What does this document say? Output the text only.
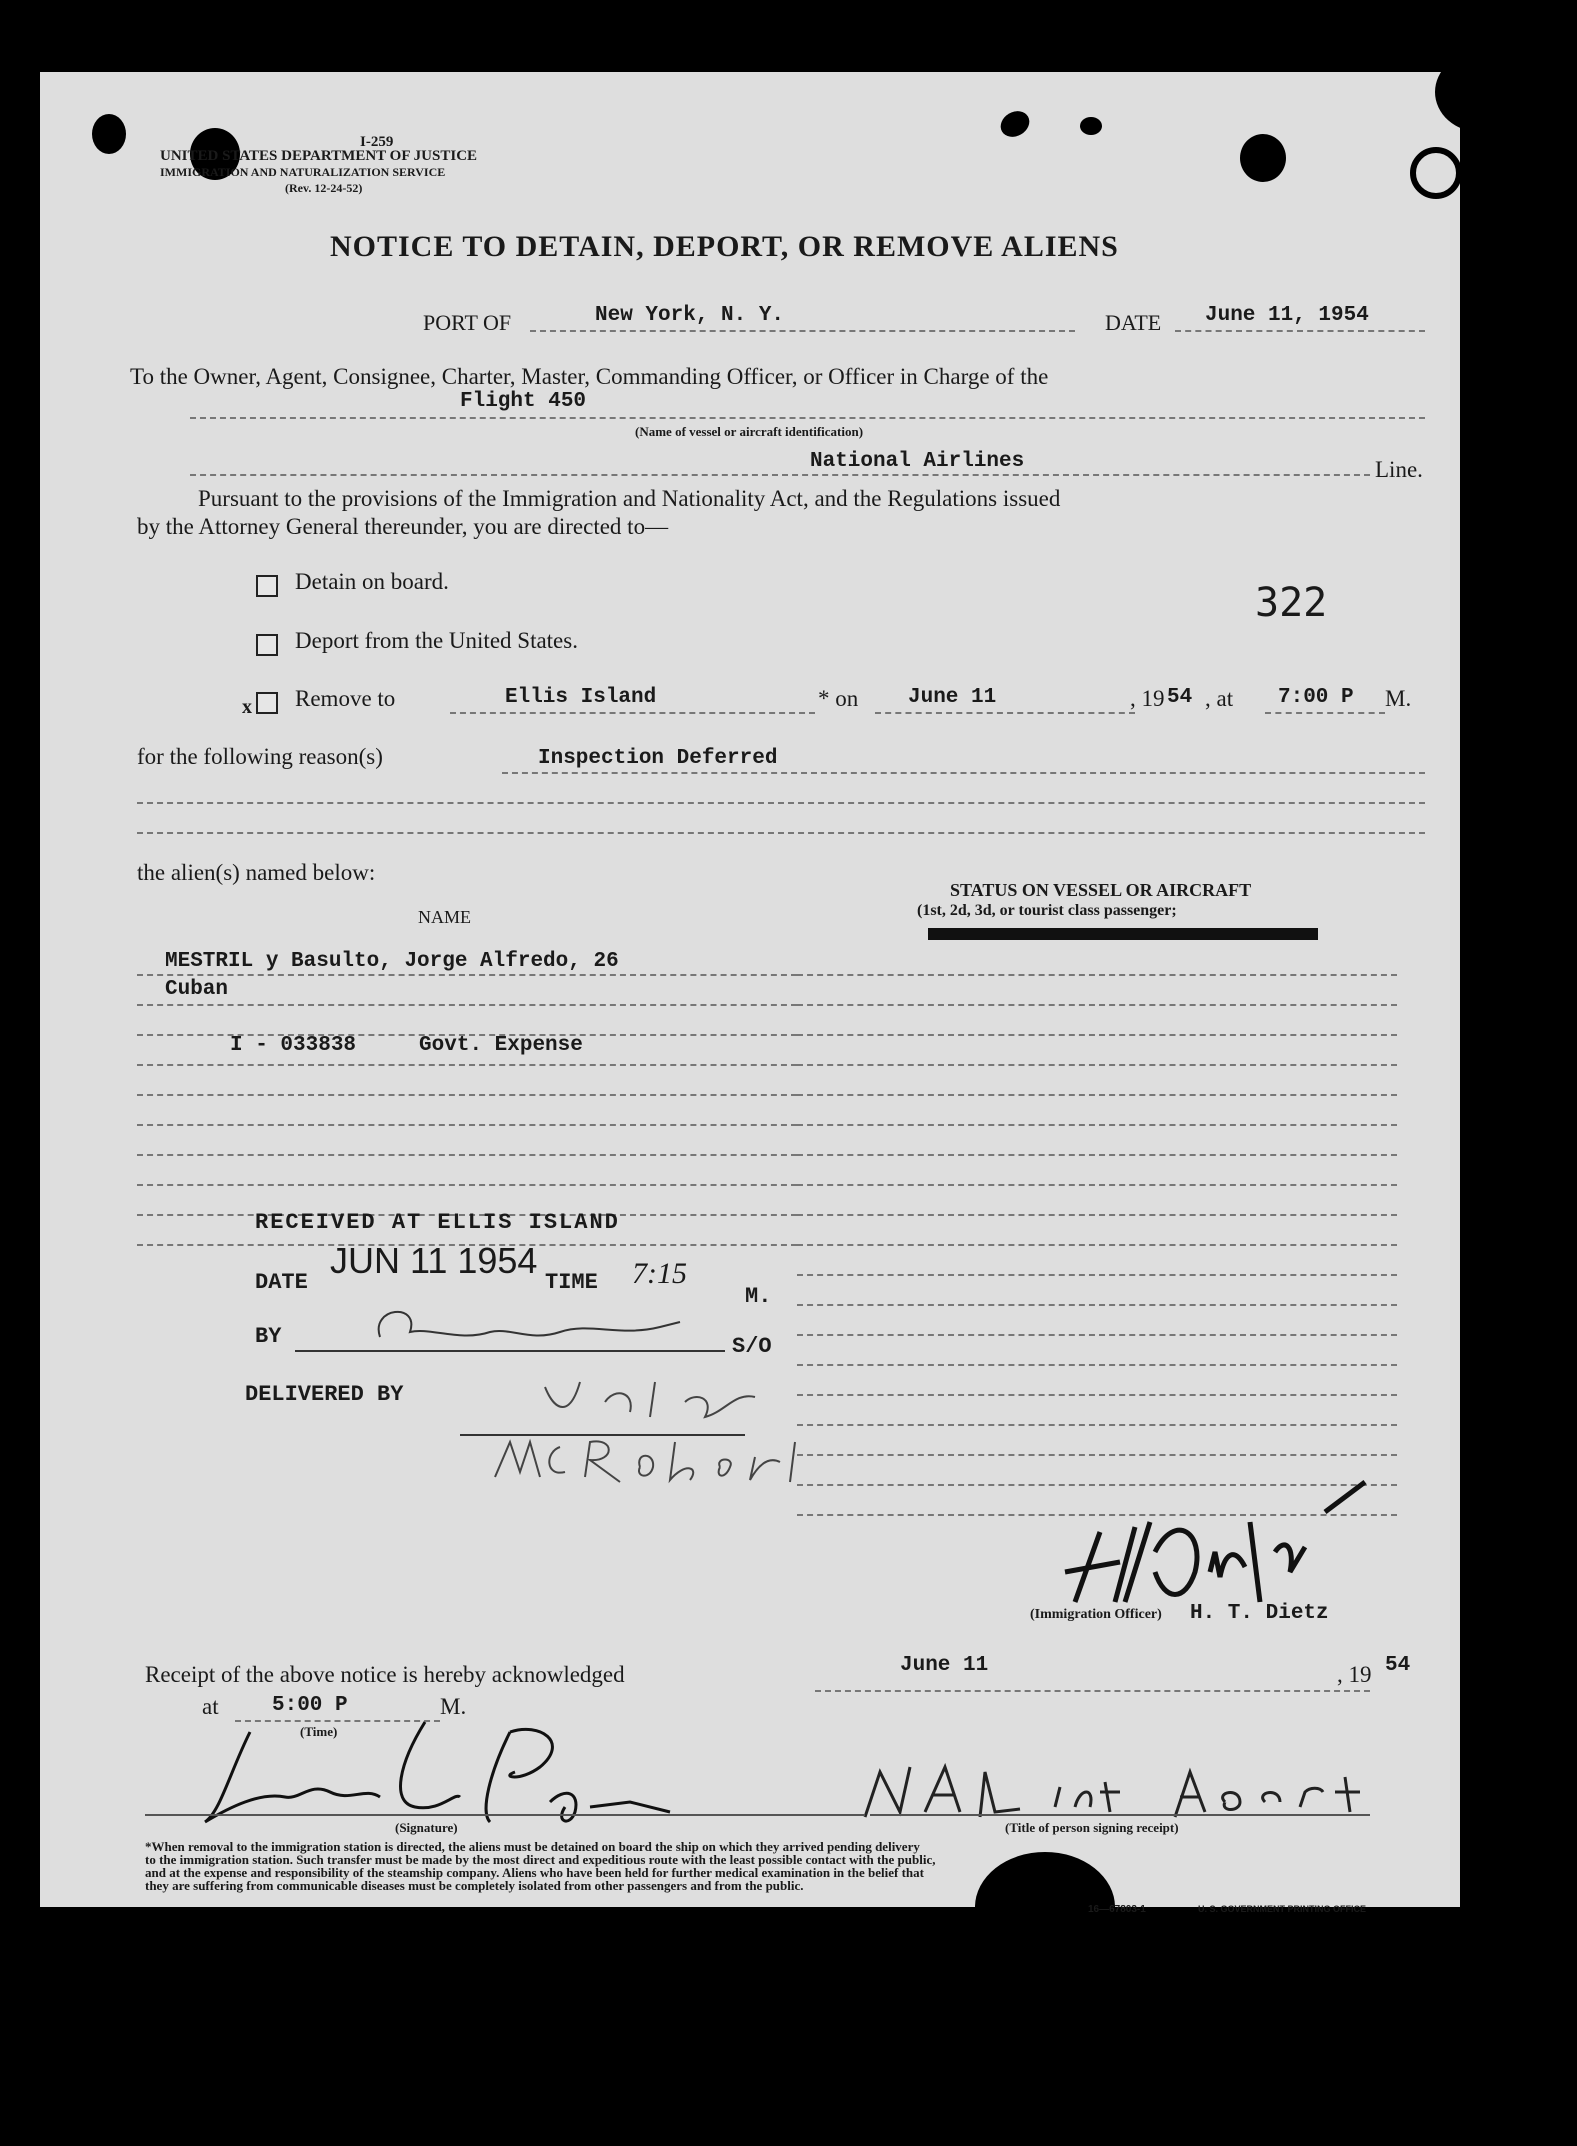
UNITED STATES DEPARTMENT OF JUSTICE
IMMIGRATION AND NATURALIZATION SERVICE
I-259
(Rev. 12-24-52)
NOTICE TO DETAIN, DEPORT, OR REMOVE ALIENS
PORT OF	New York, N. Y.	DATE June 11, 1954
To the Owner, Agent, Consignee, Charter, Master, Commanding Officer, or Officer in Charge of the
Flight 450
(Name of vessel or aircraft identification)
National Airlines	Line.
Pursuant to the provisions of the Immigration and Nationality Act, and the Regulations issued
by the Attorney General thereunder, you are directed to—
Detain on board.	322
Deport from the United States.
x Remove to	Ellis Island	* on June 11	, 19 54 , at 7:00 P M.
for the following reason(s)	Inspection Deferred
the alien(s) named below:
NAME
STATUS ON VESSEL OR AIRCRAFT
(1st, 2d, 3d, or tourist class passenger;
MESTRIL y Basulto, Jorge Alfredo, 26
Cuban
I - 033838     Govt. Expense
RECEIVED AT ELLIS ISLAND
DATE
JUN 11 1954
TIME 7:15
M.
BY	S/O
DELIVERED BY
(Immigration Officer) H. T. Dietz
Receipt of the above notice is hereby acknowledged	June 11	, 19 54
at	5:00 P	M.
(Time)
(Signature)	(Title of person signing receipt)
*When removal to the immigration station is directed, the aliens must be detained on board the ship on which they arrived pending delivery
to the immigration station. Such transfer must be made by the most direct and expeditious route with the least possible contact with the public,
and at the expense and responsibility of the steamship company. Aliens who have been held for further medical examination in the belief that
they are suffering from communicable diseases must be completely isolated from other passengers and from the public.
16—67803-1	U. S. GOVERNMENT PRINTING OFFICE
